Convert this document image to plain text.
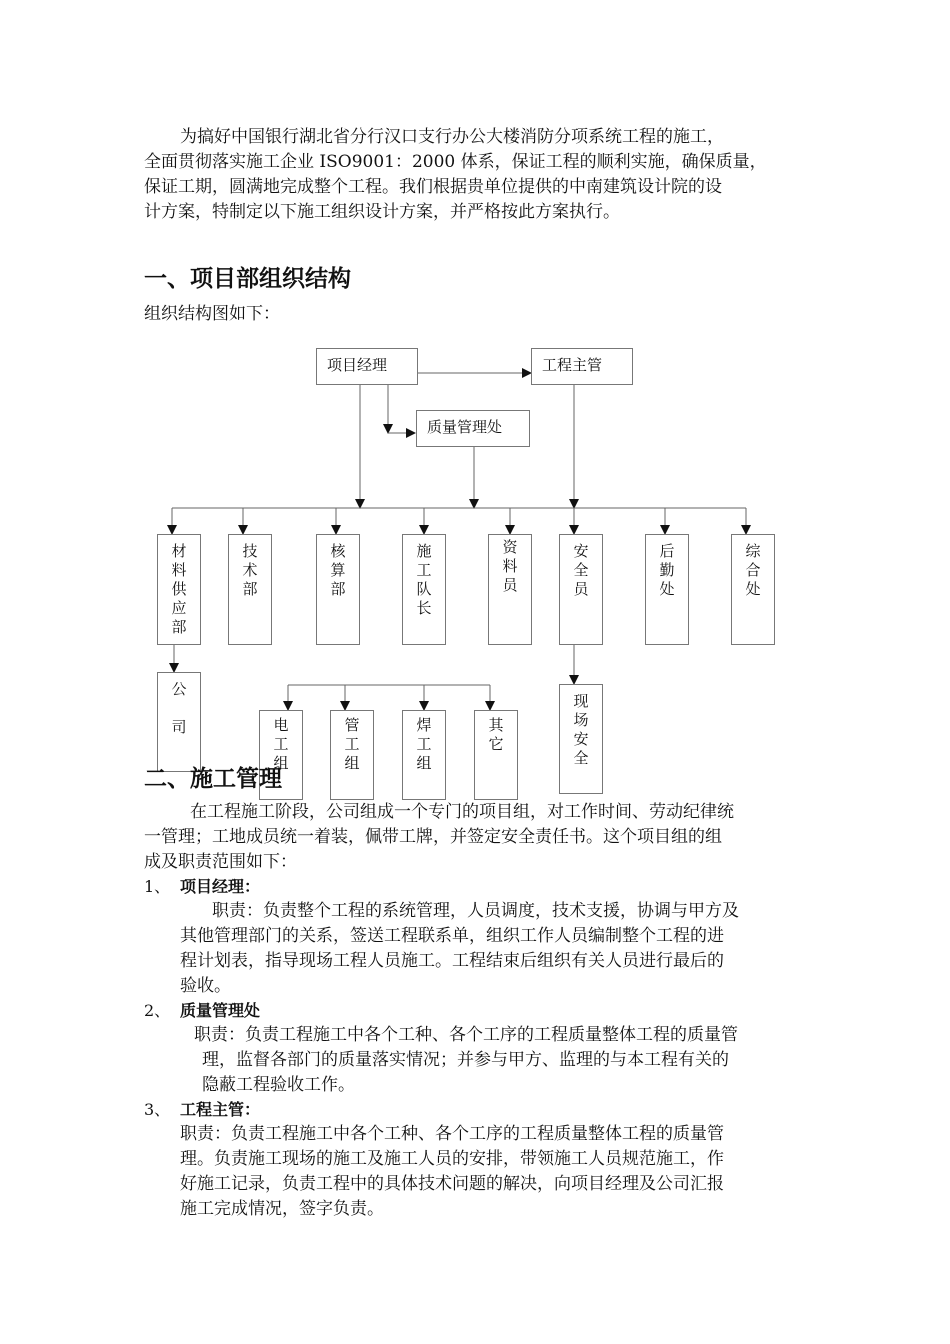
为搞好中国银行湖北省分行汉口支行办公大楼消防分项系统工程的施工，
全面贯彻落实施工企业 ISO9001：2000 体系，保证工程的顺利实施，确保质量，
保证工期，圆满地完成整个工程。我们根据贵单位提供的中南建筑设计院的设
计方案，特制定以下施工组织设计方案，并严格按此方案执行。
一、项目部组织结构
组织结构图如下：
项目经理	工程主管
质量管理处
材
料
供
应
部
技
术
部
核
算
部
施
工
队
长
资
料
员
安
全
员
后
勤
处
综
合
处
公

司	电
工
组
管
工
组
焊
工
组
其
它
现
场
安
全
二、施工管理
在工程施工阶段，公司组成一个专门的项目组，对工作时间、劳动纪律统
一管理；工地成员统一着装，佩带工牌，并签定安全责任书。这个项目组的组
成及职责范围如下：
1、 项目经理：
职责：负责整个工程的系统管理，人员调度，技术支援，协调与甲方及
其他管理部门的关系，签送工程联系单，组织工作人员编制整个工程的进
程计划表，指导现场工程人员施工。工程结束后组织有关人员进行最后的
验收。
2、 质量管理处
职责：负责工程施工中各个工种、各个工序的工程质量整体工程的质量管
理，监督各部门的质量落实情况；并参与甲方、监理的与本工程有关的
隐蔽工程验收工作。
3、 工程主管：
职责：负责工程施工中各个工种、各个工序的工程质量整体工程的质量管
理。负责施工现场的施工及施工人员的安排，带领施工人员规范施工，作
好施工记录，负责工程中的具体技术问题的解决，向项目经理及公司汇报
施工完成情况，签字负责。
